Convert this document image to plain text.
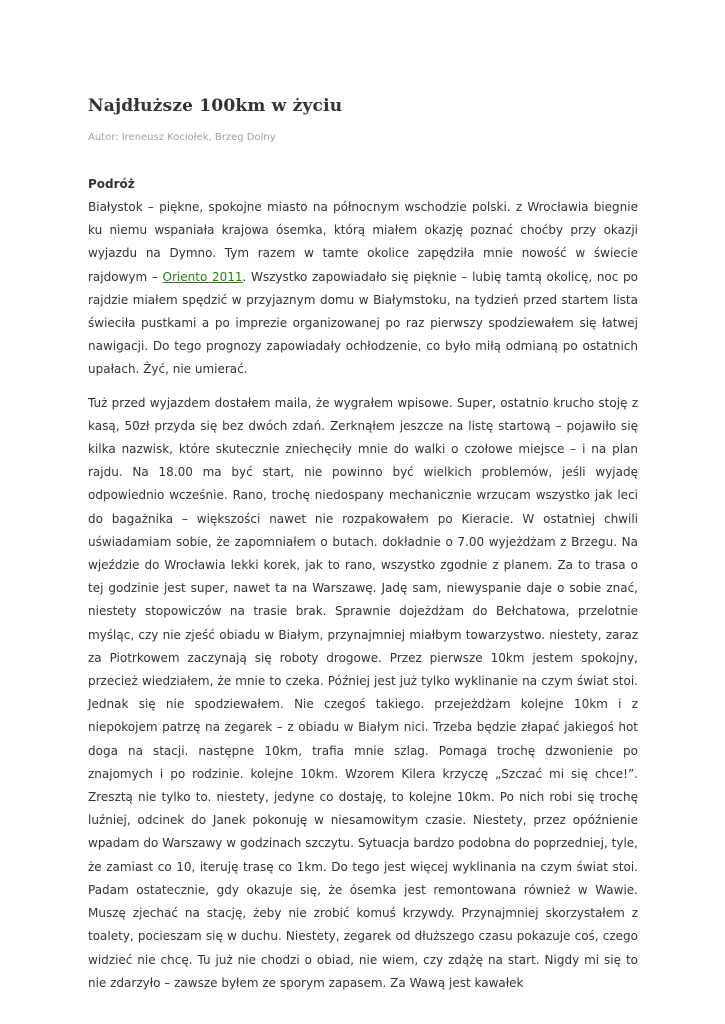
Najdłuższe 100km w życiu
Autor: Ireneusz Kociołek, Brzeg Dolny
Podróż

Białystok – piękne, spokojne miasto na północnym wschodzie polski. z Wrocławia biegnie ku niemu wspaniała krajowa ósemka, którą miałem okazję poznać choćby przy okazji wyjazdu na Dymno. Tym razem w tamte okolice zapędziła mnie nowość w świecie rajdowym – Oriento 2011. Wszystko zapowiadało się pięknie – lubię tamtą okolicę, noc po rajdzie miałem spędzić w przyjaznym domu w Białymstoku, na tydzień przed startem lista świeciła pustkami a po imprezie organizowanej po raz pierwszy spodziewałem się łatwej nawigacji. Do tego prognozy zapowiadały ochłodzenie, co było miłą odmianą po ostatnich upałach. Żyć, nie umierać.

Tuż przed wyjazdem dostałem maila, że wygrałem wpisowe. Super, ostatnio krucho stoję z kasą, 50zł przyda się bez dwóch zdań. Zerknąłem jeszcze na listę startową – pojawiło się kilka nazwisk, które skutecznie zniechęciły mnie do walki o czołowe miejsce – i na plan rajdu. Na 18.00 ma być start, nie powinno być wielkich problemów, jeśli wyjadę odpowiednio wcześnie. Rano, trochę niedospany mechanicznie wrzucam wszystko jak leci do bagażnika – większości nawet nie rozpakowałem po Kieracie. W ostatniej chwili uświadamiam sobie, że zapomniałem o butach. dokładnie o 7.00 wyjeżdżam z Brzegu. Na wjeździe do Wrocławia lekki korek, jak to rano, wszystko zgodnie z planem. Za to trasa o tej godzinie jest super, nawet ta na Warszawę. Jadę sam, niewyspanie daje o sobie znać, niestety stopowiczów na trasie brak. Sprawnie dojeżdżam do Bełchatowa, przelotnie myśląc, czy nie zjeść obiadu w Białym, przynajmniej miałbym towarzystwo. niestety, zaraz za Piotrkowem zaczynają się roboty drogowe. Przez pierwsze 10km jestem spokojny, przecież wiedziałem, że mnie to czeka. Później jest już tylko wyklinanie na czym świat stoi. Jednak się nie spodziewałem. Nie czegoś takiego. przejeżdżam kolejne 10km i z niepokojem patrzę na zegarek – z obiadu w Białym nici. Trzeba będzie złapać jakiegoś hot doga na stacji. następne 10km, trafia mnie szlag. Pomaga trochę dzwonienie po znajomych i po rodzinie. kolejne 10km. Wzorem Kilera krzyczę „Szczać mi się chce!”. Zresztą nie tylko to. niestety, jedyne co dostaję, to kolejne 10km. Po nich robi się trochę luźniej, odcinek do Janek pokonuję w niesamowitym czasie. Niestety, przez opóźnienie wpadam do Warszawy w godzinach szczytu. Sytuacja bardzo podobna do poprzedniej, tyle, że zamiast co 10, iteruję trasę co 1km. Do tego jest więcej wyklinania na czym świat stoi. Padam ostatecznie, gdy okazuje się, że ósemka jest remontowana również w Wawie. Muszę zjechać na stację, żeby nie zrobić komuś krzywdy. Przynajmniej skorzystałem z toalety, pocieszam się w duchu. Niestety, zegarek od dłuższego czasu pokazuje coś, czego widzieć nie chcę. Tu już nie chodzi o obiad, nie wiem, czy zdążę na start. Nigdy mi się to nie zdarzyło – zawsze byłem ze sporym zapasem. Za Wawą jest kawałek
